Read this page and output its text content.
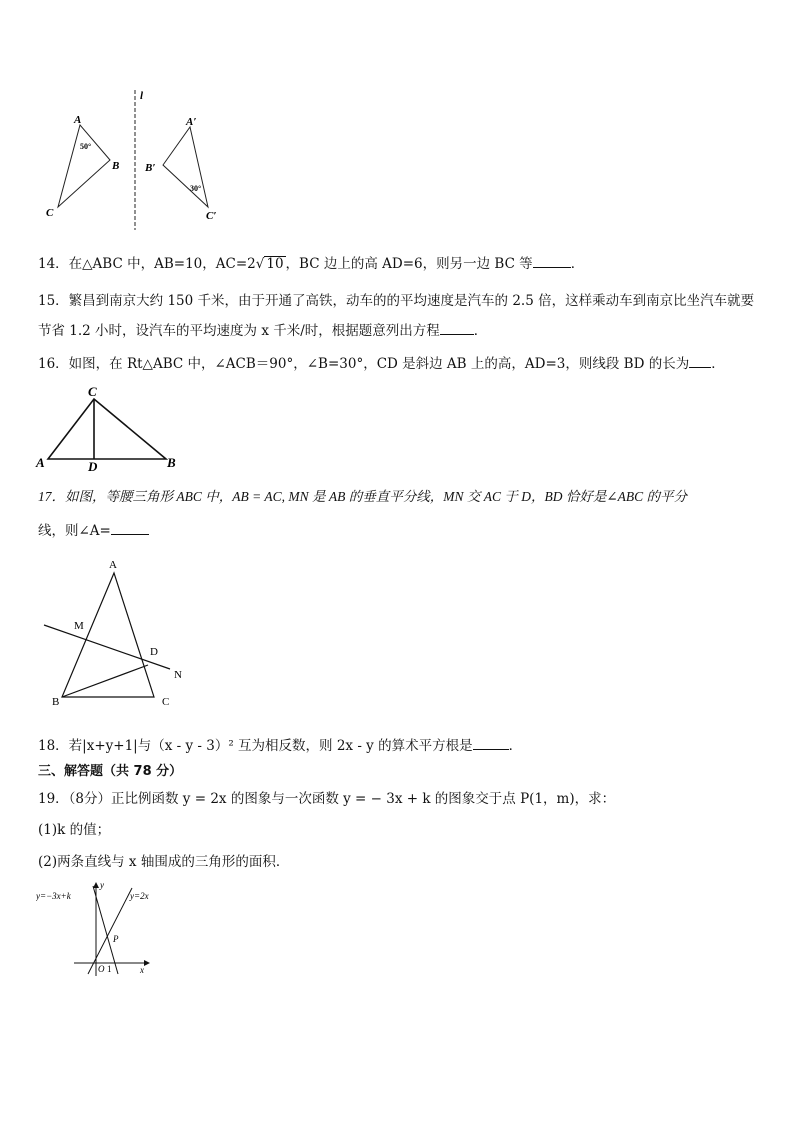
l
A
B
C
50°
A′
B′
C′
30°
14．在△ABC 中，AB=10，AC=2√ 10 ，BC 边上的高 AD=6，则另一边 BC 等	．
15．繁昌到南京大约 150 千米，由于开通了高铁，动车的的平均速度是汽车的 2.5 倍，这样乘动车到南京比坐汽车就要
节省 1.2 小时，设汽车的平均速度为 x 千米/时，根据题意列出方程	．
16．如图，在 Rt△ABC 中，∠ACB＝90°，∠B=30°，CD 是斜边 AB 上的高，AD=3，则线段 BD 的长为 ．
C
A	D	B
17．如图，等腰三角形 ABC 中，AB = AC, MN 是 AB 的垂直平分线，MN 交 AC 于 D，BD 恰好是∠ABC 的平分
线，则∠A=
A
M
D
N
B	C
18．若|x+y+1|与（x - y - 3）² 互为相反数，则 2x - y 的算术平方根是	．
三、解答题（共 78 分）
19．（8分）正比例函数 y = 2x 的图象与一次函数 y = − 3x + k 的图象交于点 P(1，m)，求：
(1)k 的值；
(2)两条直线与 x 轴围成的三角形的面积．
y=−3x+k	y=2x
y
x
P
O 1
